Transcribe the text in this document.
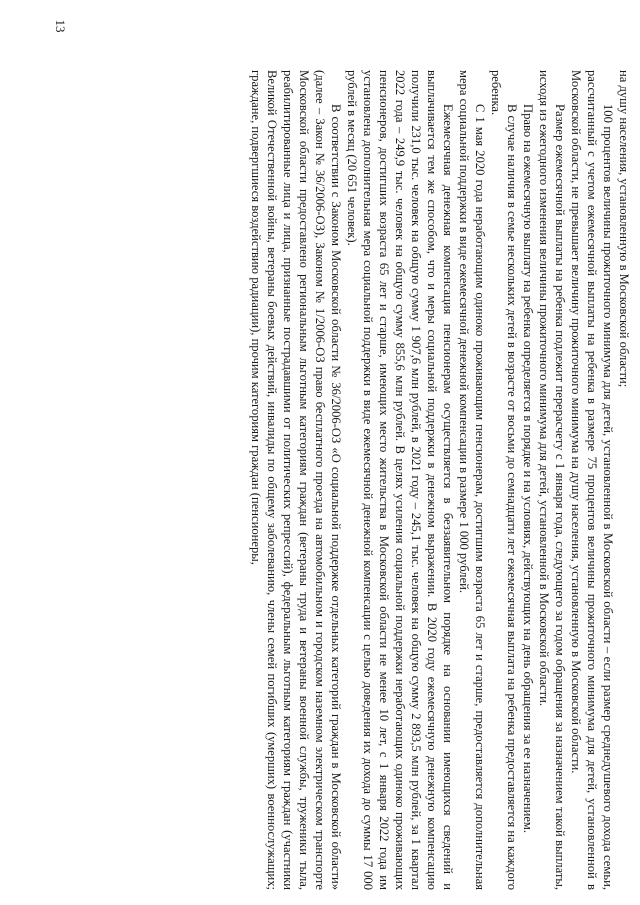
13

на душу населения, установленную в Московской области;

100 процентов величины прожиточного минимума для детей, установленной в Московской области – если размер среднедушевого дохода семьи, рассчитанный с учетом ежемесячной выплаты на ребенка в размере 75 процентов величины прожиточного минимума для детей, установленной в Московской области, не превышает величину прожиточного минимума на душу населения, установленную в Московской области.

Размер ежемесячной выплаты на ребенка подлежит перерасчету с 1 января года, следующего за годом обращения за назначением такой выплаты, исходя из ежегодного изменения величины прожиточного минимума для детей, установленной в Московской области.

Право на ежемесячную выплату на ребенка определяется в порядке и на условиях, действующих на день обращения за ее назначением.

В случае наличия в семье нескольких детей в возрасте от восьми до семнадцати лет ежемесячная выплата на ребенка предоставляется на каждого ребенка.

С 1 мая 2020 года неработающим одиноко проживающим пенсионерам, достигшим возраста 65 лет и старше, предоставляется дополнительная мера социальной поддержки в виде ежемесячной денежной компенсации в размере 1 000 рублей.

Ежемесячная денежная компенсация пенсионерам осуществляется в беззаявительном порядке на основании имеющихся сведений и выплачивается тем же способом, что и меры социальной поддержки в денежном выражении. В 2020 году ежемесячную денежную компенсацию получили 231,0 тыс. человек на общую сумму 1 907,6 млн рублей, в 2021 году – 245,1 тыс. человек на общую сумму 2 893,5 млн рублей, за 1 квартал 2022 года – 249,9 тыс. человек на общую сумму 855,6 млн рублей. В целях усиления социальной поддержки неработающих одиноко проживающих пенсионеров, достигших возраста 65 лет и старше, имеющих место жительства в Московской области не менее 10 лет, с 1 января 2022 года им установлена дополнительная мера социальной поддержки в виде ежемесячной денежной компенсации с целью доведения их дохода до суммы 17 000 рублей в месяц (20 651 человек).

В соответствии с Законом Московской области № 36/2006-ОЗ «О социальной поддержке отдельных категорий граждан в Московской области» (далее – Закон № 36/2006-ОЗ), Законом № 1/2006-ОЗ право бесплатного проезда на автомобильном и городском наземном электрическом транспорте Московской области предоставлено региональным льготным категориям граждан (ветераны труда и ветераны военной службы, труженики тыла, реабилитированные лица и лица, признанные пострадавшими от политических репрессий), федеральным льготным категориям граждан (участники Великой Отечественной войны, ветераны боевых действий, инвалиды по общему заболеванию, члены семей погибших (умерших) военнослужащих; граждане, подвергшиеся воздействию радиации), прочим категориям граждан (пенсионеры,
